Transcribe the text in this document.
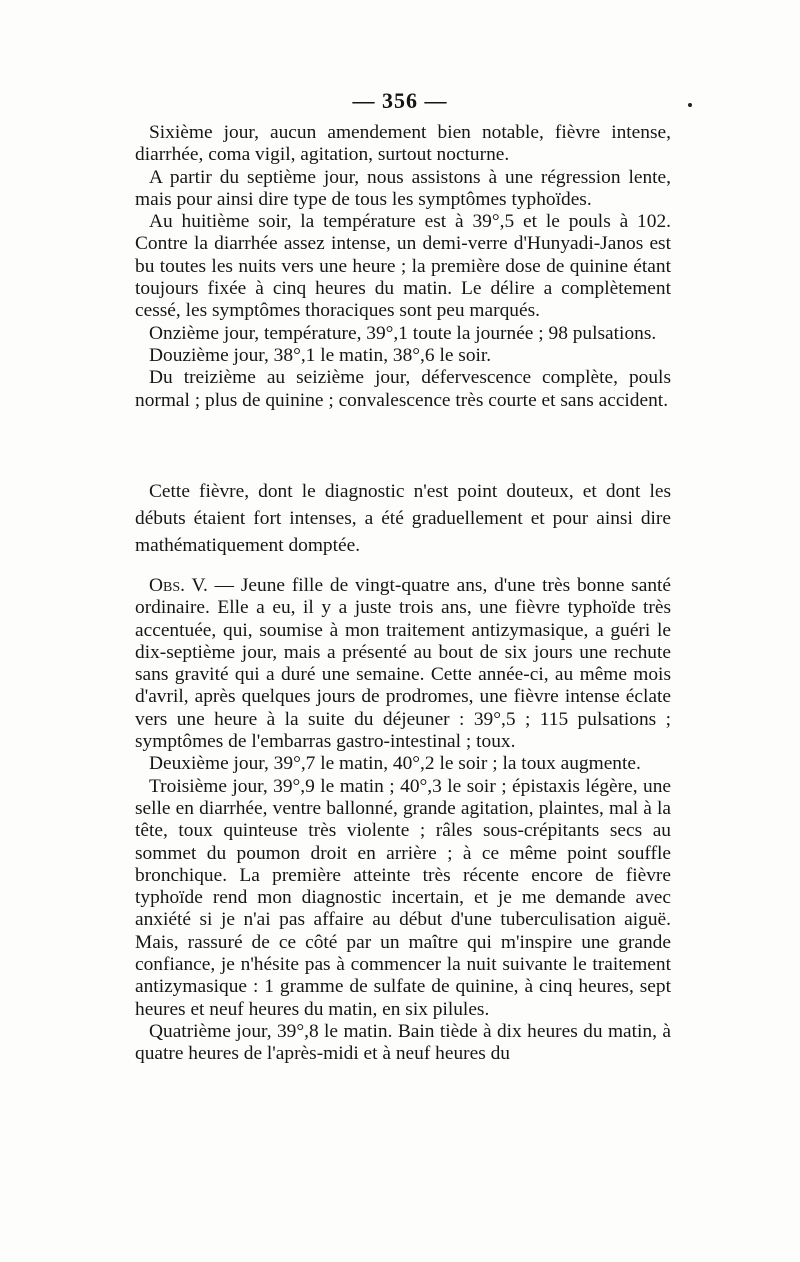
— 356 —

Sixième jour, aucun amendement bien notable, fièvre intense, diarrhée, coma vigil, agitation, surtout nocturne.

A partir du septième jour, nous assistons à une régression lente, mais pour ainsi dire type de tous les symptômes typhoïdes.

Au huitième soir, la température est à 39°,5 et le pouls à 102. Contre la diarrhée assez intense, un demi-verre d'Hunyadi-Janos est bu toutes les nuits vers une heure ; la première dose de quinine étant toujours fixée à cinq heures du matin. Le délire a complètement cessé, les symptômes thoraciques sont peu marqués.

Onzième jour, température, 39°,1 toute la journée ; 98 pulsations.

Douzième jour, 38°,1 le matin, 38°,6 le soir.

Du treizième au seizième jour, défervescence complète, pouls normal ; plus de quinine ; convalescence très courte et sans accident.

Cette fièvre, dont le diagnostic n'est point douteux, et dont les débuts étaient fort intenses, a été graduellement et pour ainsi dire mathématiquement domptée.

Obs. V. — Jeune fille de vingt-quatre ans, d'une très bonne santé ordinaire. Elle a eu, il y a juste trois ans, une fièvre typhoïde très accentuée, qui, soumise à mon traitement antizymasique, a guéri le dix-septième jour, mais a présenté au bout de six jours une rechute sans gravité qui a duré une semaine. Cette année-ci, au même mois d'avril, après quelques jours de prodromes, une fièvre intense éclate vers une heure à la suite du déjeuner : 39°,5 ; 115 pulsations ; symptômes de l'embarras gastro-intestinal ; toux.

Deuxième jour, 39°,7 le matin, 40°,2 le soir ; la toux augmente.

Troisième jour, 39°,9 le matin ; 40°,3 le soir ; épistaxis légère, une selle en diarrhée, ventre ballonné, grande agitation, plaintes, mal à la tête, toux quinteuse très violente ; râles sous-crépitants secs au sommet du poumon droit en arrière ; à ce même point souffle bronchique. La première atteinte très récente encore de fièvre typhoïde rend mon diagnostic incertain, et je me demande avec anxiété si je n'ai pas affaire au début d'une tuberculisation aiguë. Mais, rassuré de ce côté par un maître qui m'inspire une grande confiance, je n'hésite pas à commencer la nuit suivante le traitement antizymasique : 1 gramme de sulfate de quinine, à cinq heures, sept heures et neuf heures du matin, en six pilules.

Quatrième jour, 39°,8 le matin. Bain tiède à dix heures du matin, à quatre heures de l'après-midi et à neuf heures du
